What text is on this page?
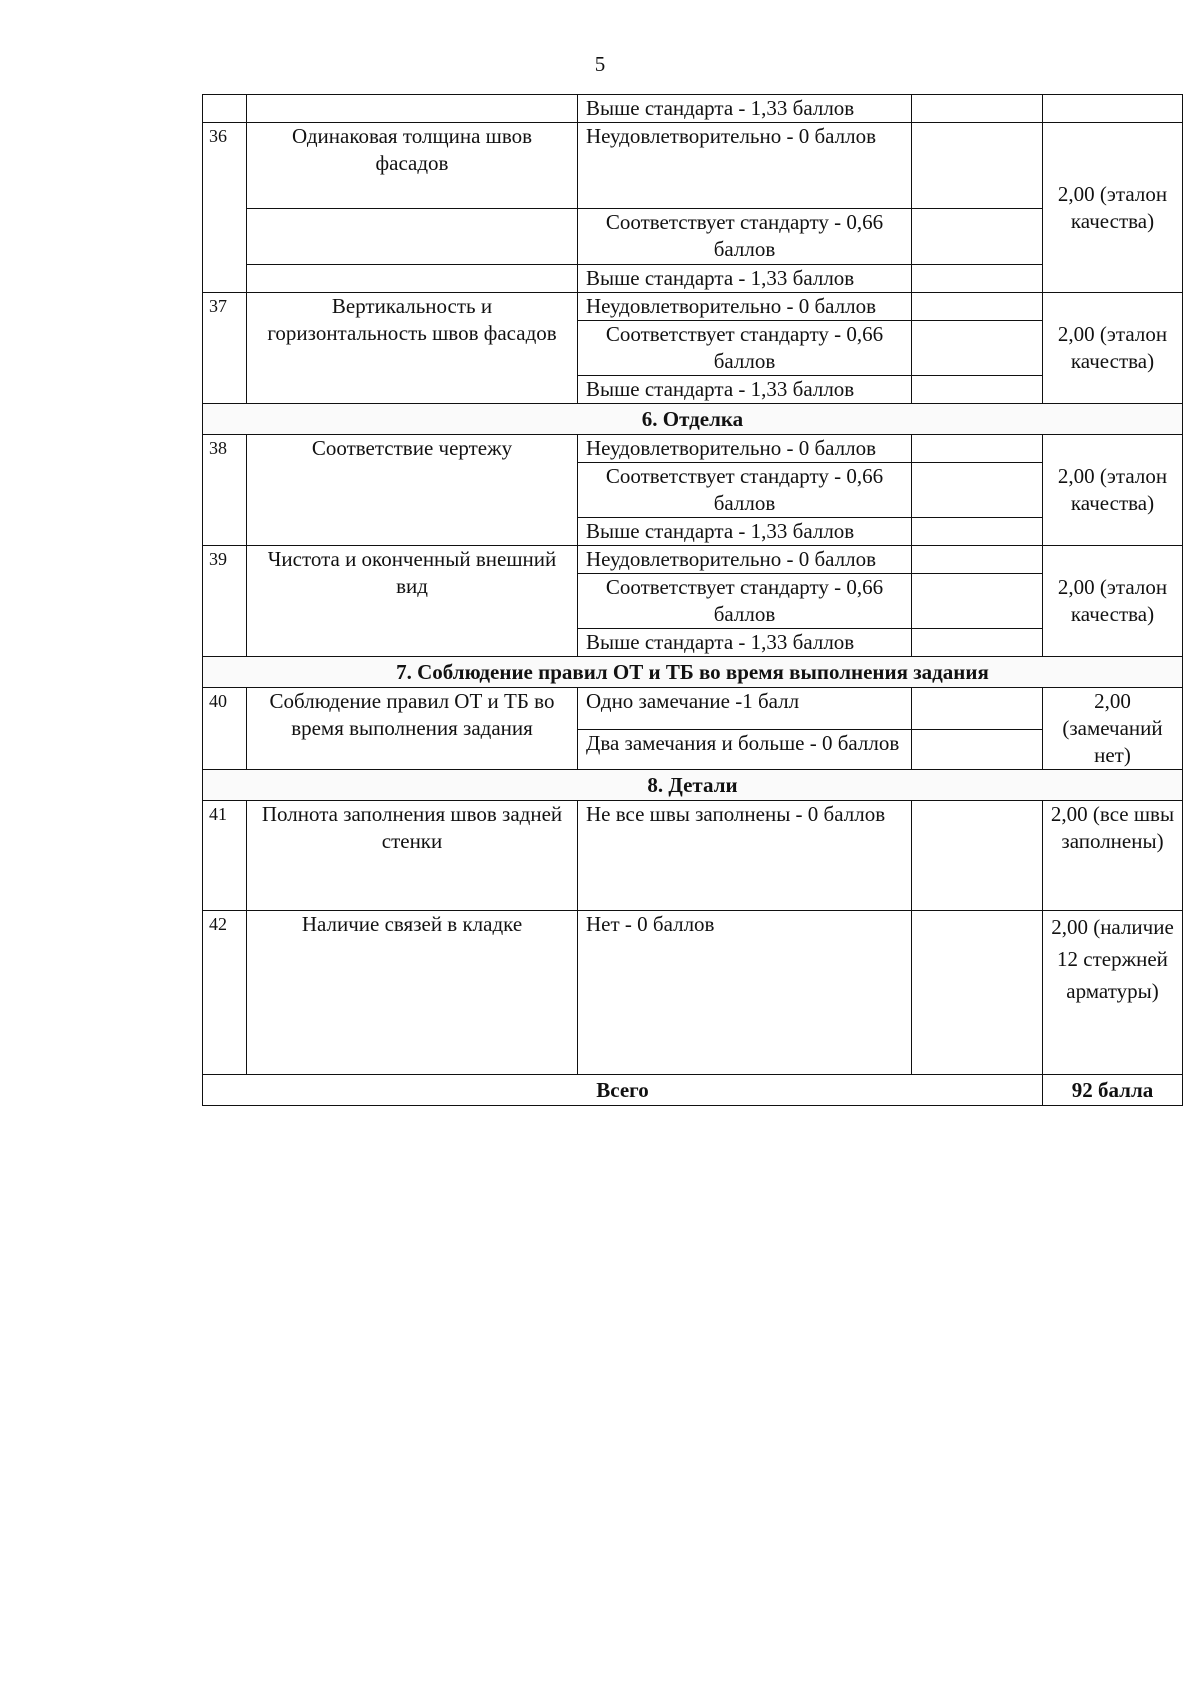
5
		Выше стандарта - 1,33 баллов		
36	Одинаковая толщина швов фасадов	Неудовлетворительно - 0 баллов		2,00 (эталон качества)
		Соответствует стандарту - 0,66 баллов		
		Выше стандарта - 1,33 баллов		
37	Вертикальность и горизонтальность швов фасадов	Неудовлетворительно - 0 баллов		2,00 (эталон качества)
		Соответствует стандарту - 0,66 баллов		
		Выше стандарта - 1,33 баллов		
6. Отделка				
38	Соответствие чертежу	Неудовлетворительно - 0 баллов		2,00 (эталон качества)
		Соответствует стандарту - 0,66 баллов		
		Выше стандарта - 1,33 баллов		
39	Чистота и оконченный внешний вид	Неудовлетворительно - 0 баллов		2,00 (эталон качества)
		Соответствует стандарту - 0,66 баллов		
		Выше стандарта - 1,33 баллов		
7. Соблюдение правил ОТ и ТБ во время выполнения задания				
40	Соблюдение правил ОТ и ТБ во время выполнения задания	Одно замечание -1 балл		2,00 (замечаний нет)
		Два замечания и больше - 0 баллов		
8. Детали				
41	Полнота заполнения швов задней стенки	Не все швы заполнены - 0 баллов		2,00 (все швы заполнены)
42	Наличие связей в кладке	Нет - 0 баллов		2,00 (наличие 12 стержней арматуры)
Всего				92 балла
